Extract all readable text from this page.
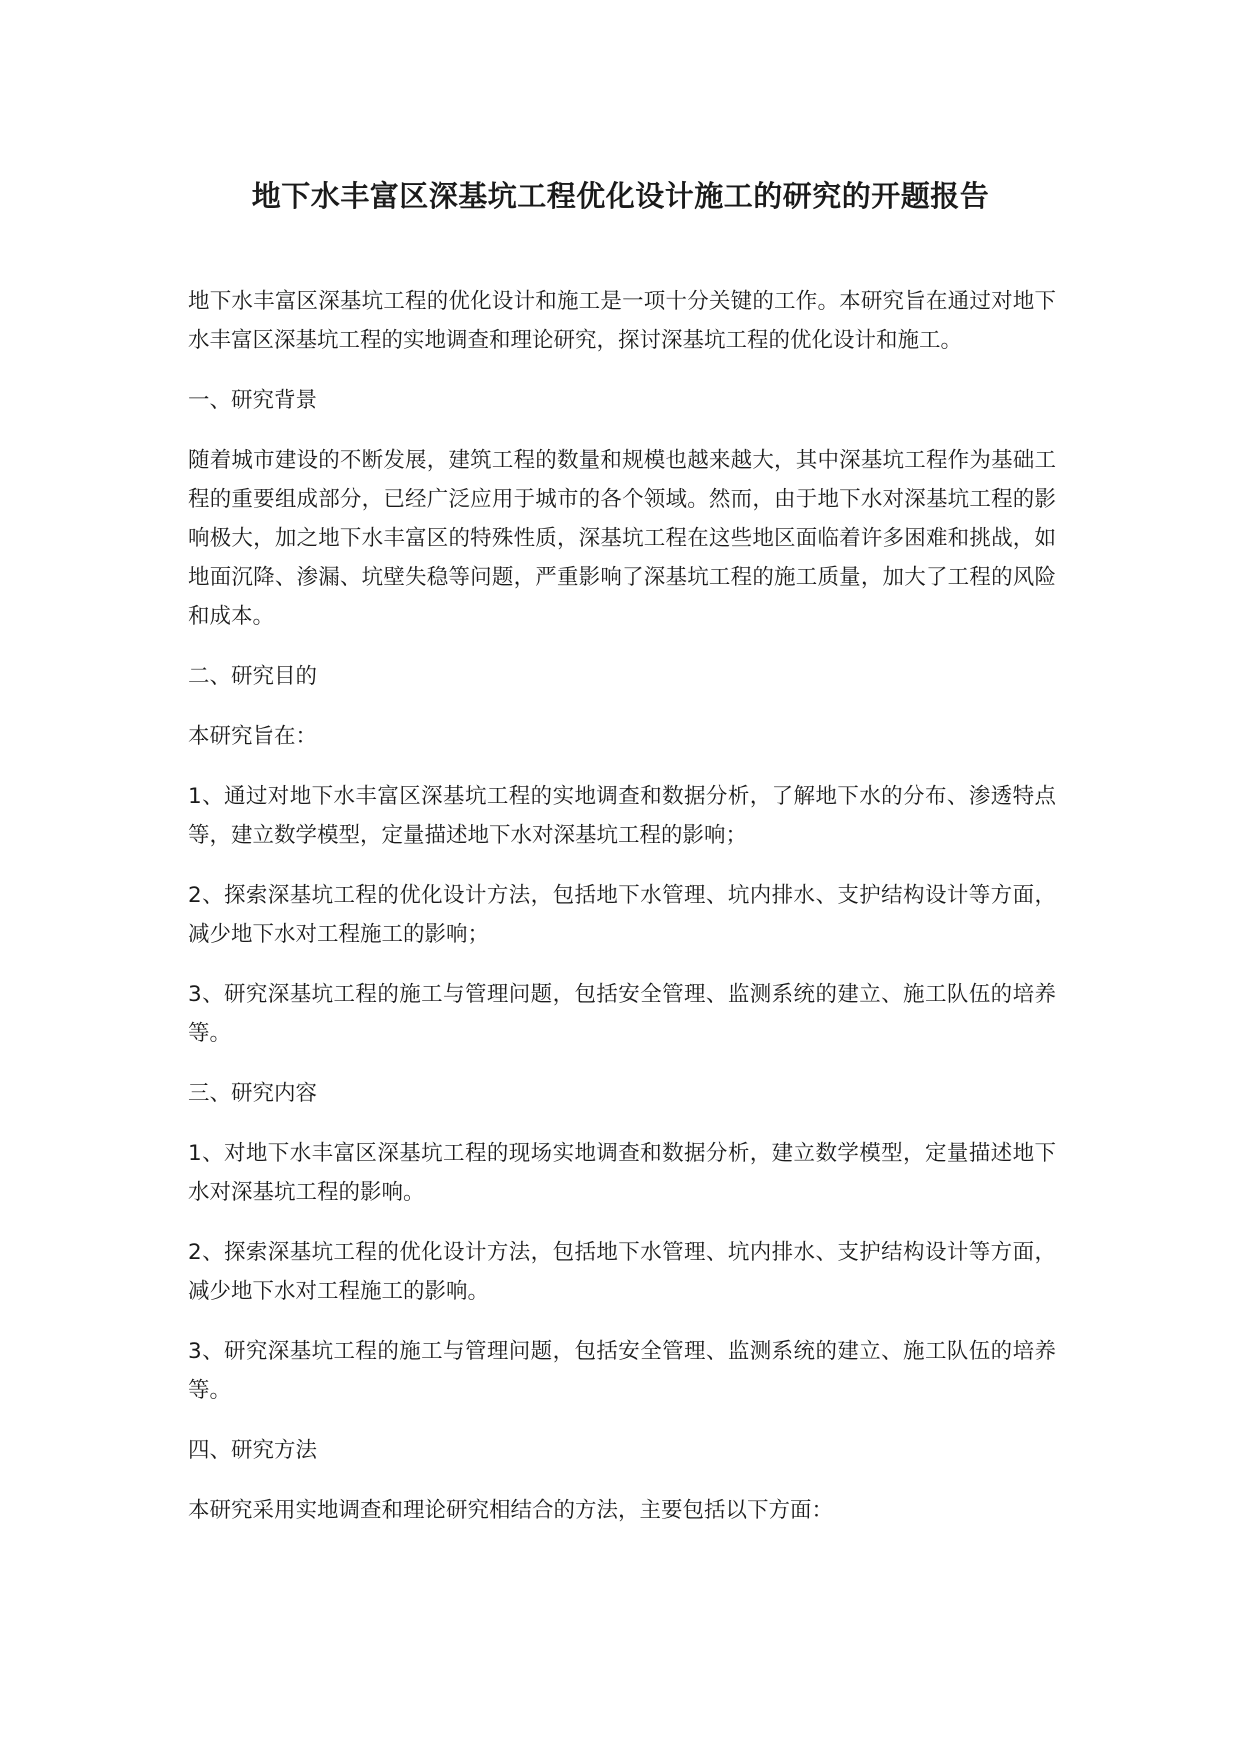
地下水丰富区深基坑工程优化设计施工的研究的开题报告

地下水丰富区深基坑工程的优化设计和施工是一项十分关键的工作。本研究旨在通过对地下水丰富区深基坑工程的实地调查和理论研究，探讨深基坑工程的优化设计和施工。

一、研究背景

随着城市建设的不断发展，建筑工程的数量和规模也越来越大，其中深基坑工程作为基础工程的重要组成部分，已经广泛应用于城市的各个领域。然而，由于地下水对深基坑工程的影响极大，加之地下水丰富区的特殊性质，深基坑工程在这些地区面临着许多困难和挑战，如地面沉降、渗漏、坑壁失稳等问题，严重影响了深基坑工程的施工质量，加大了工程的风险和成本。

二、研究目的

本研究旨在：

1、通过对地下水丰富区深基坑工程的实地调查和数据分析，了解地下水的分布、渗透特点等，建立数学模型，定量描述地下水对深基坑工程的影响；

2、探索深基坑工程的优化设计方法，包括地下水管理、坑内排水、支护结构设计等方面，减少地下水对工程施工的影响；

3、研究深基坑工程的施工与管理问题，包括安全管理、监测系统的建立、施工队伍的培养等。

三、研究内容

1、对地下水丰富区深基坑工程的现场实地调查和数据分析，建立数学模型，定量描述地下水对深基坑工程的影响。

2、探索深基坑工程的优化设计方法，包括地下水管理、坑内排水、支护结构设计等方面，减少地下水对工程施工的影响。

3、研究深基坑工程的施工与管理问题，包括安全管理、监测系统的建立、施工队伍的培养等。

四、研究方法

本研究采用实地调查和理论研究相结合的方法，主要包括以下方面：
